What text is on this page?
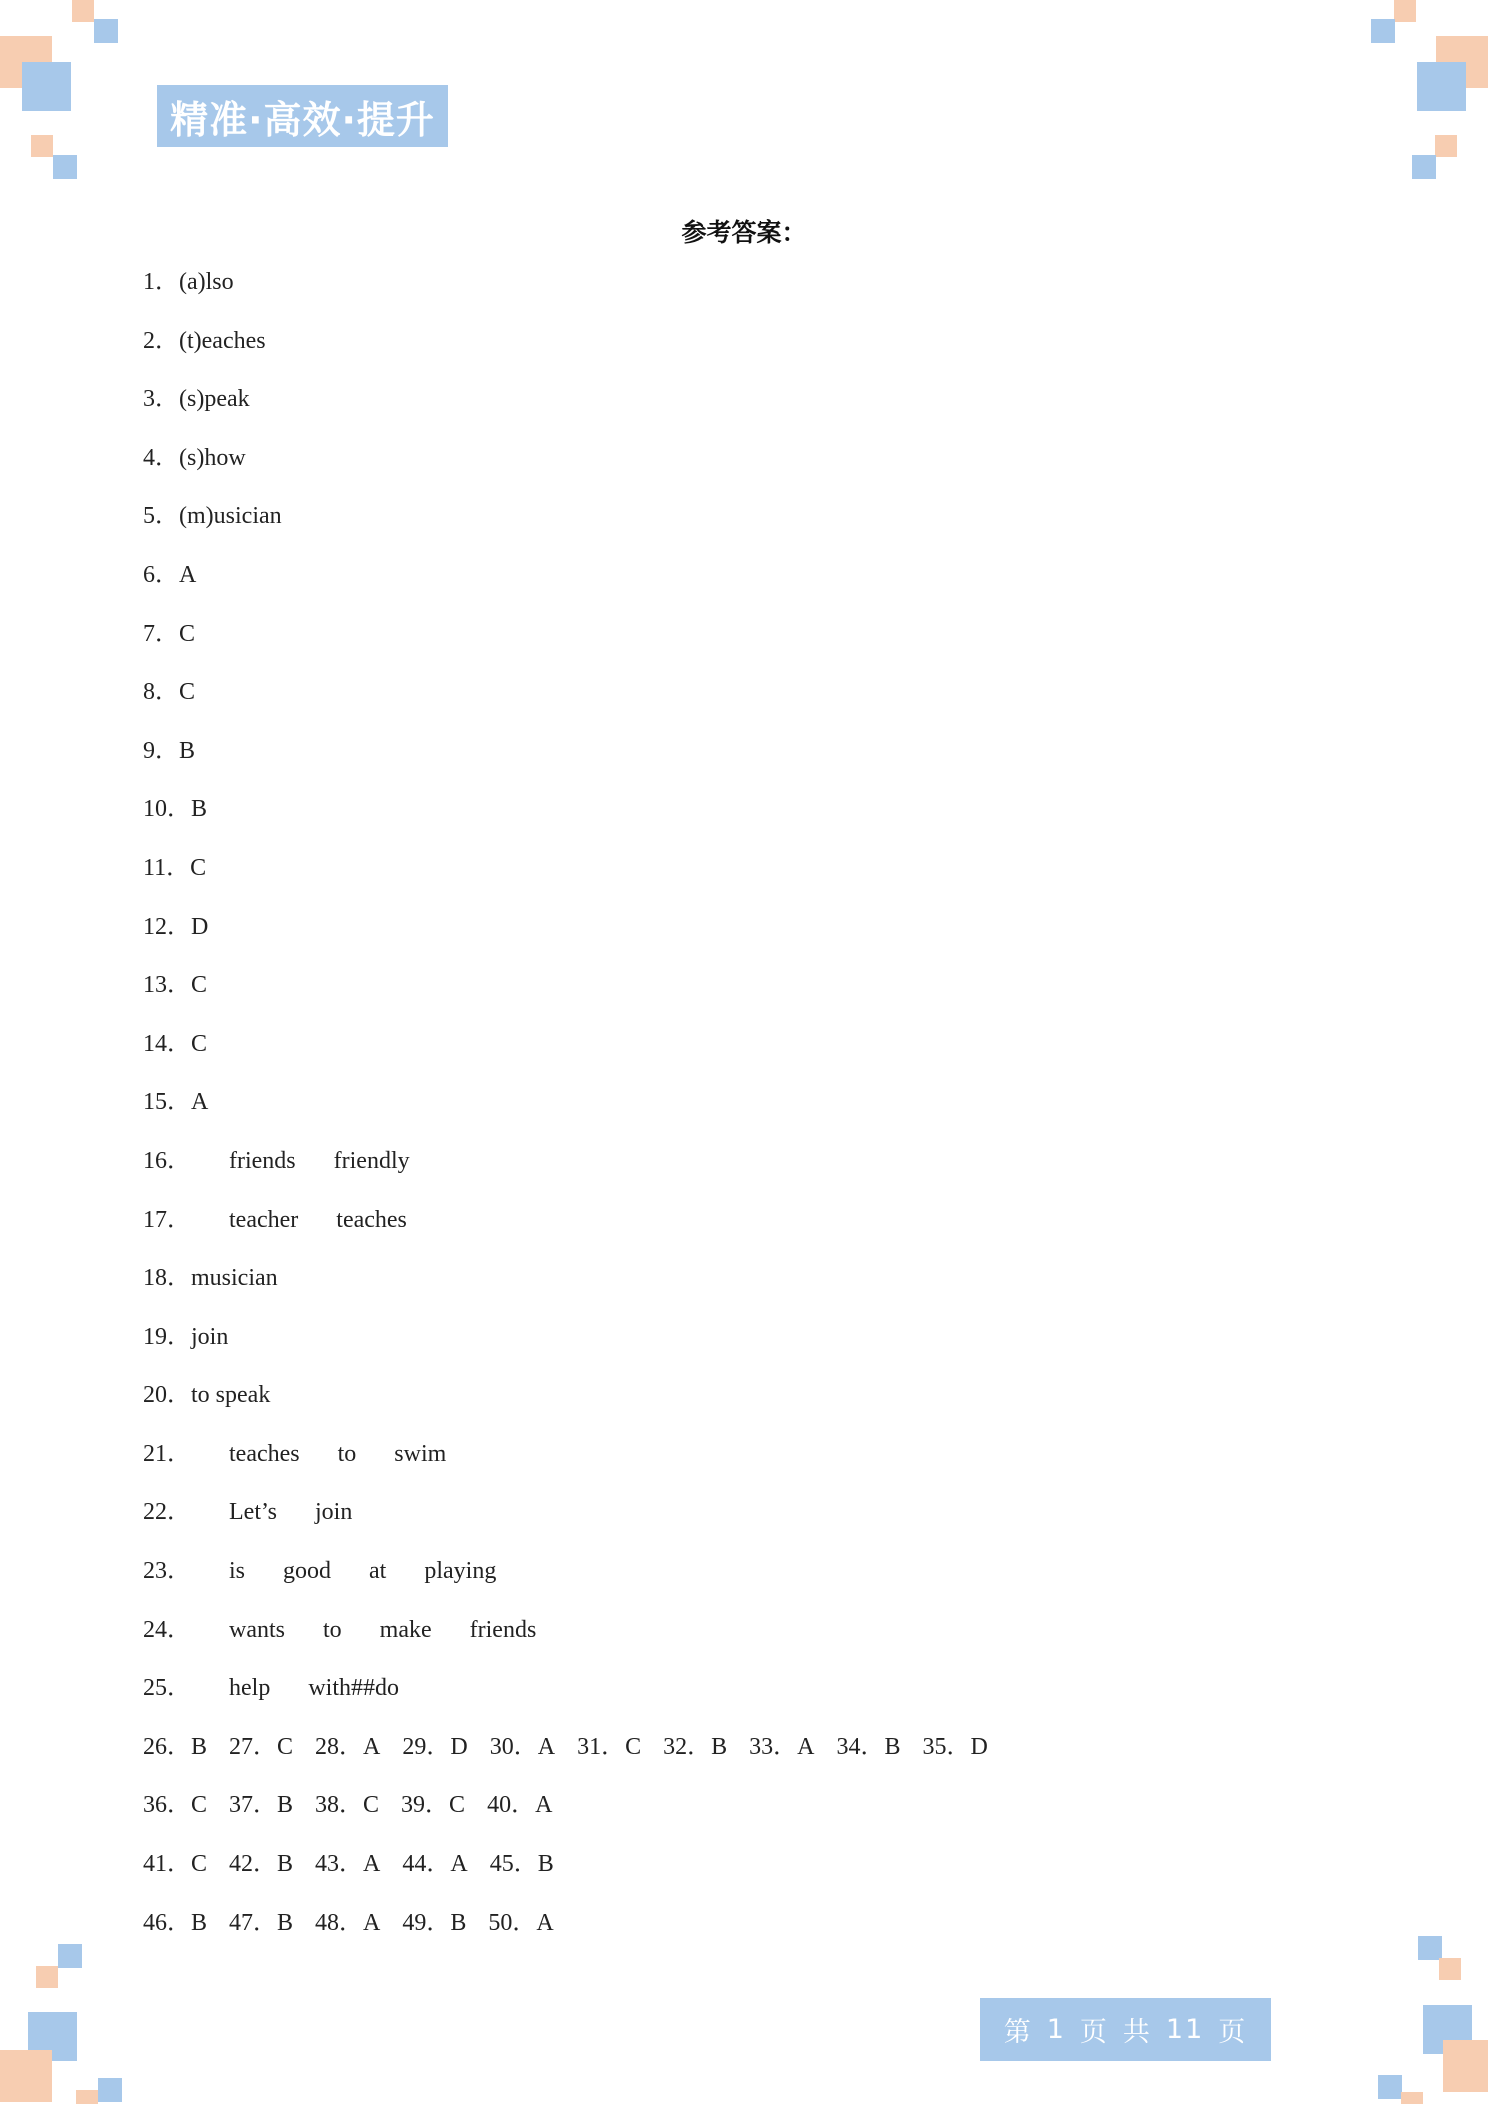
精准·高效·提升
参考答案：
1 ． (a)lso
2 ． (t)eaches
3 ． (s)peak
4 ． (s)how
5 ． (m)usician
6 ． A
7 ． C
8 ． C
9 ． B
10 ． B
11 ． C
12 ． D
13 ． C
14 ． C
15 ． A
16 ． friends friendly
17 ． teacher teaches
18 ． musician
19 ． join
20 ． to speak
21 ． teaches to swim
22 ． Let’s join
23 ． is good at playing
24 ． wants to make friends
25 ． help with##do
26 ． B 27 ． C 28 ． A 29 ． D 30 ． A 31 ． C 32 ． B 33 ． A 34 ． B 35 ． D
36 ． C 37 ． B 38 ． C 39 ． C 40 ． A
41 ． C 42 ． B 43 ． A 44 ． A 45 ． B
46 ． B 47 ． B 48 ． A 49 ． B 50 ． A
第 1 页 共 11 页
